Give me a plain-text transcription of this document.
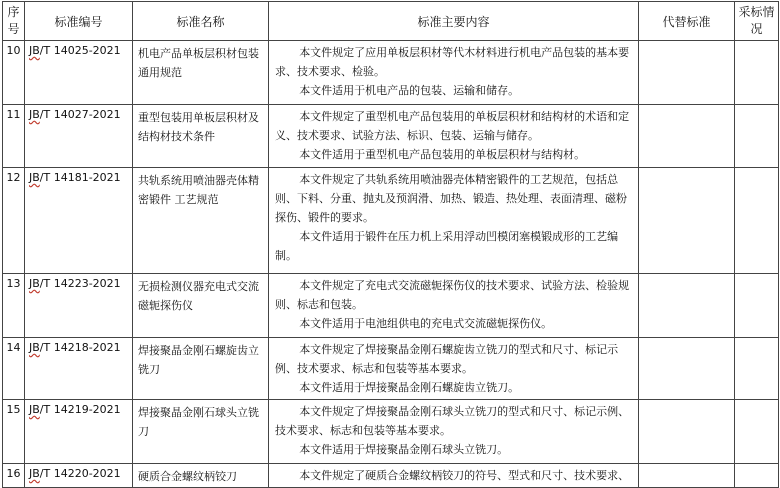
序号	标准编号	标准名称	标准主要内容	代替标准	采标情况
10	JB/T 14025-2021	机电产品单板层积材包装通用规范	本文件规定了应用单板层积材等代木材料进行机电产品包装的基本要求、技术要求、检验。

本文件适用于机电产品的包装、运输和储存。		

11	JB/T 14027-2021	重型包装用单板层积材及结构材技术条件	本文件规定了重型机电产品包装用的单板层积材和结构材的术语和定义、技术要求、试验方法、标识、包装、运输与储存。

本文件适用于重型机电产品包装用的单板层积材与结构材。		

12	JB/T 14181-2021	共轨系统用喷油器壳体精密锻件 工艺规范	本文件规定了共轨系统用喷油器壳体精密锻件的工艺规范，包括总则、下料、分重、抛丸及预润滑、加热、锻造、热处理、表面清理、磁粉探伤、锻件的要求。

本文件适用于锻件在压力机上采用浮动凹模闭塞模锻成形的工艺编制。		

13	JB/T 14223-2021	无损检测仪器充电式交流磁轭探伤仪	本文件规定了充电式交流磁轭探伤仪的技术要求、试验方法、检验规则、标志和包装。

本文件适用于电池组供电的充电式交流磁轭探伤仪。		

14	JB/T 14218-2021	焊接聚晶金刚石螺旋齿立铣刀	本文件规定了焊接聚晶金刚石螺旋齿立铣刀的型式和尺寸、标记示例、技术要求、标志和包装等基本要求。

本文件适用于焊接聚晶金刚石螺旋齿立铣刀。		

15	JB/T 14219-2021	焊接聚晶金刚石球头立铣刀	本文件规定了焊接聚晶金刚石球头立铣刀的型式和尺寸、标记示例、技术要求、标志和包装等基本要求。

本文件适用于焊接聚晶金刚石球头立铣刀。		

16	JB/T 14220-2021	硬质合金螺纹柄铰刀	本文件规定了硬质合金螺纹柄铰刀的符号、型式和尺寸、技术要求、		
